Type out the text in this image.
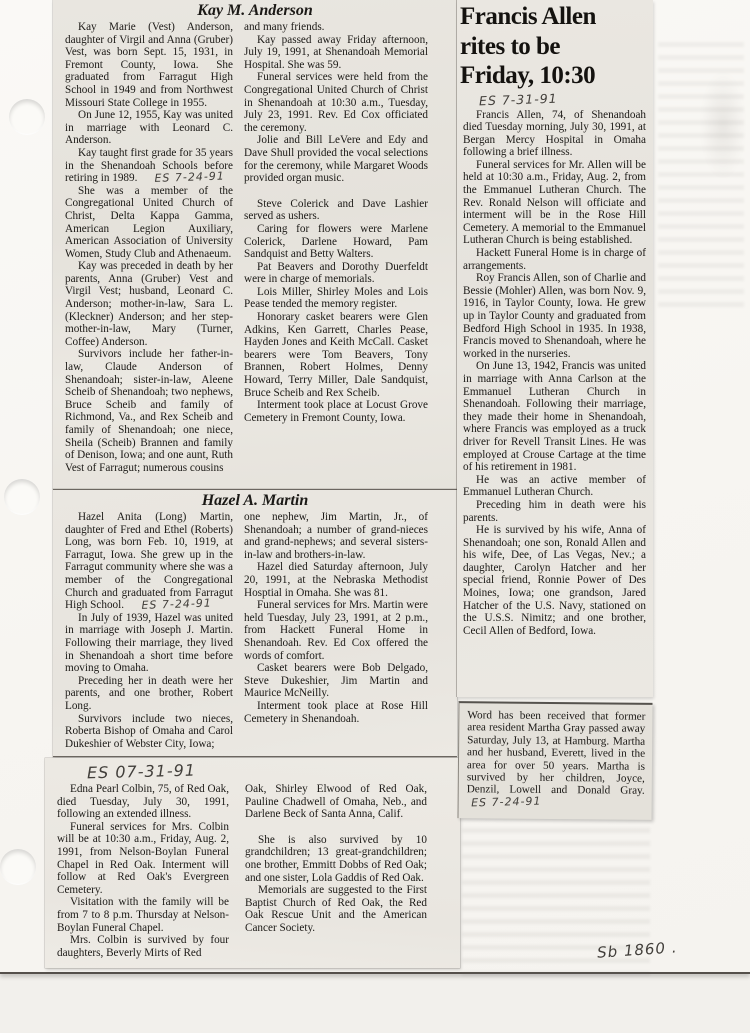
Kay M. Anderson

Kay Marie (Vest) Anderson, daughter of Virgil and Anna (Gruber) Vest, was born Sept. 15, 1931, in Fremont County, Iowa. She graduated from Farragut High School in 1949 and from Northwest Missouri State College in 1955.

On June 12, 1955, Kay was united in marriage with Leonard C. Anderson.

Kay taught first grade for 35 years in the Shenandoah Schools before retiring in 1989. ES 7-24-91

She was a member of the Congregational United Church of Christ, Delta Kappa Gamma, American Legion Auxiliary, American Association of University Women, Study Club and Athenaeum.

Kay was preceded in death by her parents, Anna (Gruber) Vest and Virgil Vest; husband, Leonard C. Anderson; mother-in-law, Sara L. (Kleckner) Anderson; and her step-mother-in-law, Mary (Turner, Coffee) Anderson.

Survivors include her father-in-law, Claude Anderson of Shenandoah; sister-in-law, Aleene Scheib of Shenandoah; two nephews, Bruce Scheib and family of Richmond, Va., and Rex Scheib and family of Shenandoah; one niece, Sheila (Scheib) Brannen and family of Denison, Iowa; and one aunt, Ruth Vest of Farragut; numerous cousins

and many friends.

Kay passed away Friday afternoon, July 19, 1991, at Shenandoah Memorial Hospital. She was 59.

Funeral services were held from the Congregational United Church of Christ in Shenandoah at 10:30 a.m., Tuesday, July 23, 1991. Rev. Ed Cox officiated the ceremony.

Jolie and Bill LeVere and Edy and Dave Shull provided the vocal selections for the ceremony, while Margaret Woods provided organ music.

Steve Colerick and Dave Lashier served as ushers.

Caring for flowers were Marlene Colerick, Darlene Howard, Pam Sandquist and Betty Walters.

Pat Beavers and Dorothy Duerfeldt were in charge of memorials.

Lois Miller, Shirley Moles and Lois Pease tended the memory register.

Honorary casket bearers were Glen Adkins, Ken Garrett, Charles Pease, Hayden Jones and Keith McCall. Casket bearers were Tom Beavers, Tony Brannen, Robert Holmes, Denny Howard, Terry Miller, Dale Sandquist, Bruce Scheib and Rex Scheib.

Interment took place at Locust Grove Cemetery in Fremont County, Iowa.

Hazel A. Martin

Hazel Anita (Long) Martin, daughter of Fred and Ethel (Roberts) Long, was born Feb. 10, 1919, at Farragut, Iowa. She grew up in the Farragut community where she was a member of the Congregational Church and graduated from Farragut High School. ES 7-24-91

In July of 1939, Hazel was united in marriage with Joseph J. Martin. Following their marriage, they lived in Shenandoah a short time before moving to Omaha.

Preceding her in death were her parents, and one brother, Robert Long.

Survivors include two nieces, Roberta Bishop of Omaha and Carol Dukeshier of Webster City, Iowa;

one nephew, Jim Martin, Jr., of Shenandoah; a number of grand-nieces and grand-nephews; and several sisters-in-law and brothers-in-law.

Hazel died Saturday afternoon, July 20, 1991, at the Nebraska Methodist Hosptial in Omaha. She was 81.

Funeral services for Mrs. Martin were held Tuesday, July 23, 1991, at 2 p.m., from Hackett Funeral Home in Shenandoah. Rev. Ed Cox offered the words of comfort.

Casket bearers were Bob Delgado, Steve Dukeshier, Jim Martin and Maurice McNeilly.

Interment took place at Rose Hill Cemetery in Shenandoah.

ES 07-31-91

Edna Pearl Colbin, 75, of Red Oak, died Tuesday, July 30, 1991, following an extended illness.

Funeral services for Mrs. Colbin will be at 10:30 a.m., Friday, Aug. 2, 1991, from Nelson-Boylan Funeral Chapel in Red Oak. Interment will follow at Red Oak's Evergreen Cemetery.

Visitation with the family will be from 7 to 8 p.m. Thursday at Nelson-Boylan Funeral Chapel.

Mrs. Colbin is survived by four daughters, Beverly Mirts of Red

Oak, Shirley Elwood of Red Oak, Pauline Chadwell of Omaha, Neb., and Darlene Beck of Santa Anna, Calif.

She is also survived by 10 grandchildren; 13 great-grandchildren; one brother, Emmitt Dobbs of Red Oak; and one sister, Lola Gaddis of Red Oak.

Memorials are suggested to the First Baptist Church of Red Oak, the Red Oak Rescue Unit and the American Cancer Society.

Francis Allen
rites to be
Friday, 10:30
ES 7-31-91

Francis Allen, 74, of Shenandoah died Tuesday morning, July 30, 1991, at Bergan Mercy Hospital in Omaha following a brief illness.

Funeral services for Mr. Allen will be held at 10:30 a.m., Friday, Aug. 2, from the Emmanuel Lutheran Church. The Rev. Ronald Nelson will officiate and interment will be in the Rose Hill Cemetery. A memorial to the Emmanuel Lutheran Church is being established.

Hackett Funeral Home is in charge of arrangements.

Roy Francis Allen, son of Charlie and Bessie (Mohler) Allen, was born Nov. 9, 1916, in Taylor County, Iowa. He grew up in Taylor County and graduated from Bedford High School in 1935. In 1938, Francis moved to Shenandoah, where he worked in the nurseries.

On June 13, 1942, Francis was united in marriage with Anna Carlson at the Emmanuel Lutheran Church in Shenandoah. Following their marriage, they made their home in Shenandoah, where Francis was employed as a truck driver for Revell Transit Lines. He was employed at Crouse Cartage at the time of his retirement in 1981.

He was an active member of Emmanuel Lutheran Church.

Preceding him in death were his parents.

He is survived by his wife, Anna of Shenandoah; one son, Ronald Allen and his wife, Dee, of Las Vegas, Nev.; a daughter, Carolyn Hatcher and her special friend, Ronnie Power of Des Moines, Iowa; one grandson, Jared Hatcher of the U.S. Navy, stationed on the U.S.S. Nimitz; and one brother, Cecil Allen of Bedford, Iowa.

Word has been received that former area resident Martha Gray passed away Saturday, July 13, at Hamburg. Martha and her husband, Everett, lived in the area for over 50 years. Martha is survived by her children, Joyce, Denzil, Lowell and Donald Gray. ES 7-24-91

Sb 1860 .
